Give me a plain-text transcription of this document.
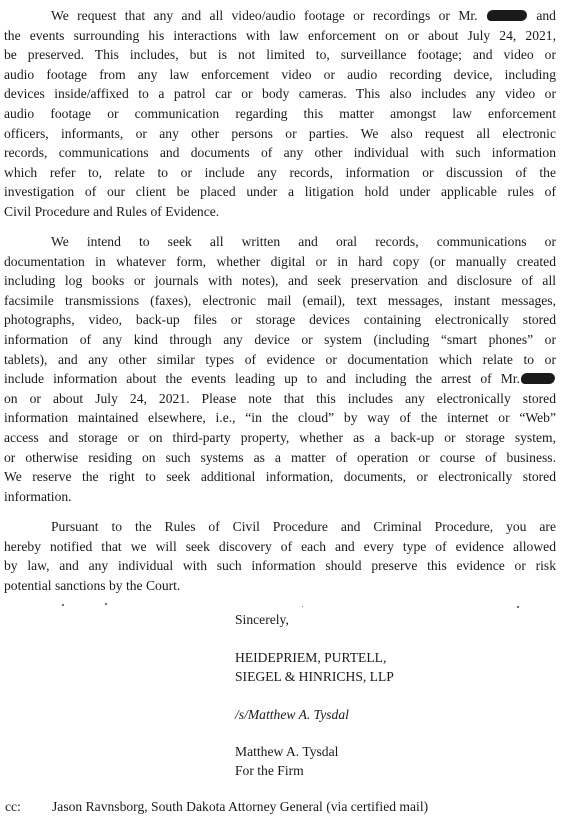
We request that any and all video/audio footage or recordings or Mr.	and
the events surrounding his interactions with law enforcement on or about July 24, 2021,
be preserved. This includes, but is not limited to, surveillance footage; and video or
audio footage from any law enforcement video or audio recording device, including
devices inside/affixed to a patrol car or body cameras. This also includes any video or
audio footage or communication regarding this matter amongst law enforcement
officers, informants, or any other persons or parties. We also request all electronic
records, communications and documents of any other individual with such information
which refer to, relate to or include any records, information or discussion of the
investigation of our client be placed under a litigation hold under applicable rules of
Civil Procedure and Rules of Evidence.
We intend to seek all written and oral records, communications or
documentation in whatever form, whether digital or in hard copy (or manually created
including log books or journals with notes), and seek preservation and disclosure of all
facsimile transmissions (faxes), electronic mail (email), text messages, instant messages,
photographs, video, back-up files or storage devices containing electronically stored
information of any kind through any device or system (including “smart phones” or
tablets), and any other similar types of evidence or documentation which relate to or
include information about the events leading up to and including the arrest of Mr.
on or about July 24, 2021. Please note that this includes any electronically stored
information maintained elsewhere, i.e., “in the cloud” by way of the internet or “Web”
access and storage or on third-party property, whether as a back-up or storage system,
or otherwise residing on such systems as a matter of operation or course of business.
We reserve the right to seek additional information, documents, or electronically stored
information.
Pursuant to the Rules of Civil Procedure and Criminal Procedure, you are
hereby notified that we will seek discovery of each and every type of evidence allowed
by law, and any individual with such information should preserve this evidence or risk
potential sanctions by the Court.
Sincerely,
HEIDEPRIEM, PURTELL,
SIEGEL & HINRICHS, LLP
/s/Matthew A. Tysdal
Matthew A. Tysdal
For the Firm
cc: Jason Ravnsborg, South Dakota Attorney General (via certified mail)
